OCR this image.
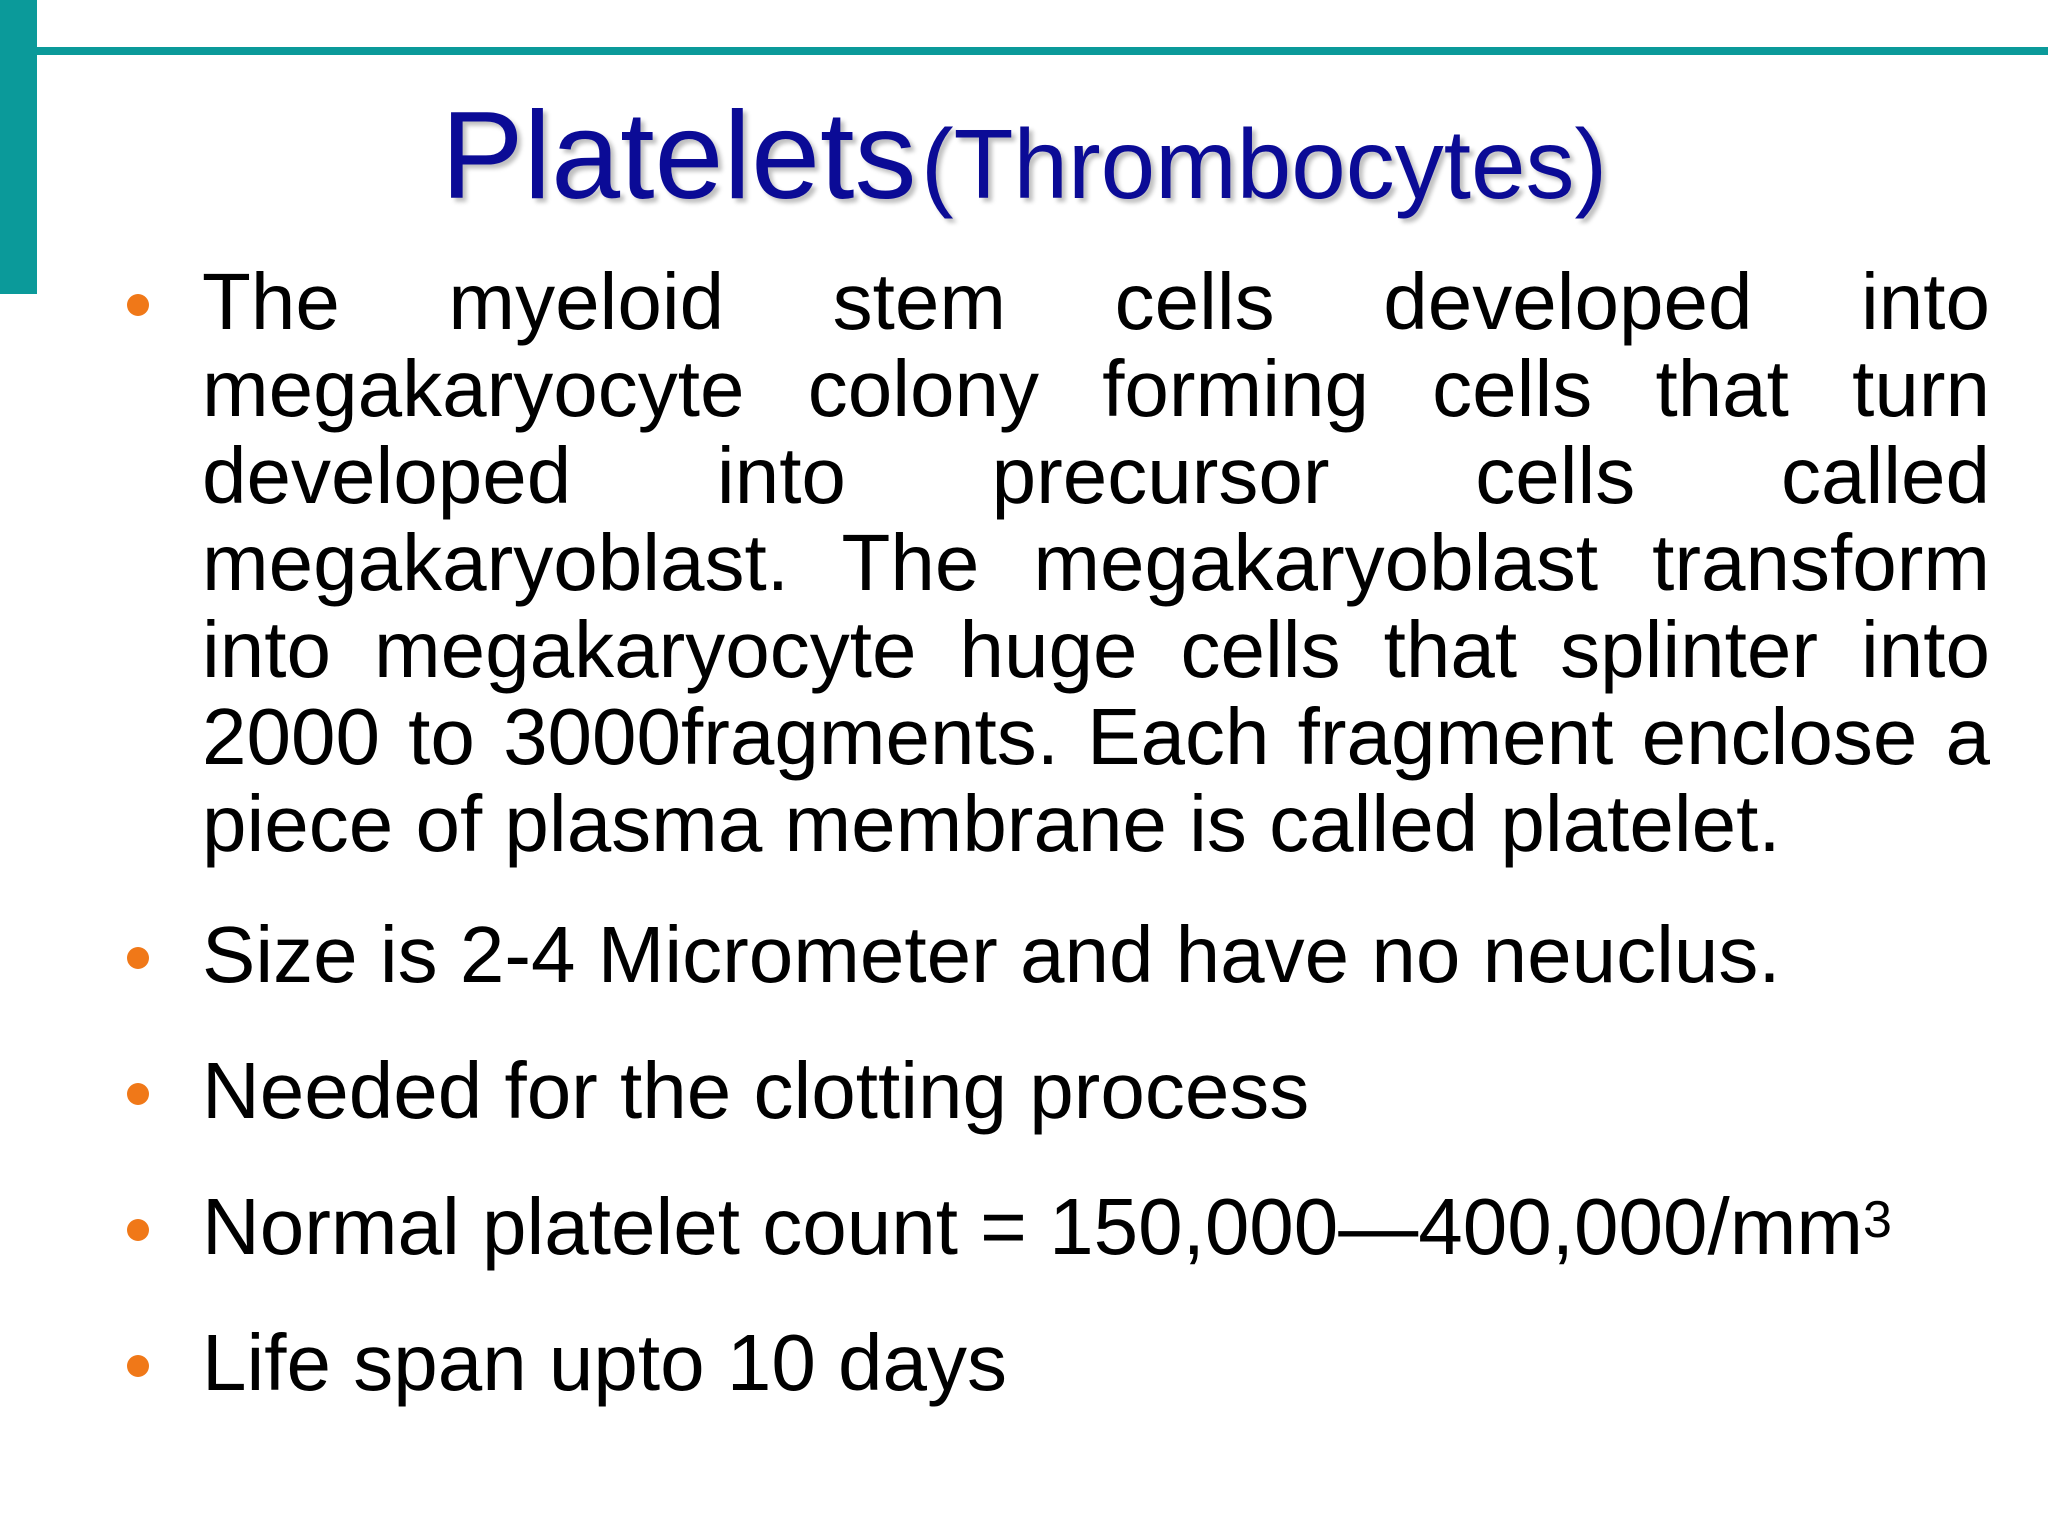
Platelets (Thrombocytes)
The myeloid stem cells developed into megakaryocyte colony forming cells that turn developed into precursor cells called megakaryoblast. The megakaryoblast transform into megakaryocyte huge cells that splinter into 2000 to 3000fragments. Each fragment enclose a piece of plasma membrane is called platelet.
Size is 2-4 Micrometer and have no neuclus.
Needed for the clotting process
Normal platelet count = $150,000—400,000/mm^3$
Life span upto 10 days
